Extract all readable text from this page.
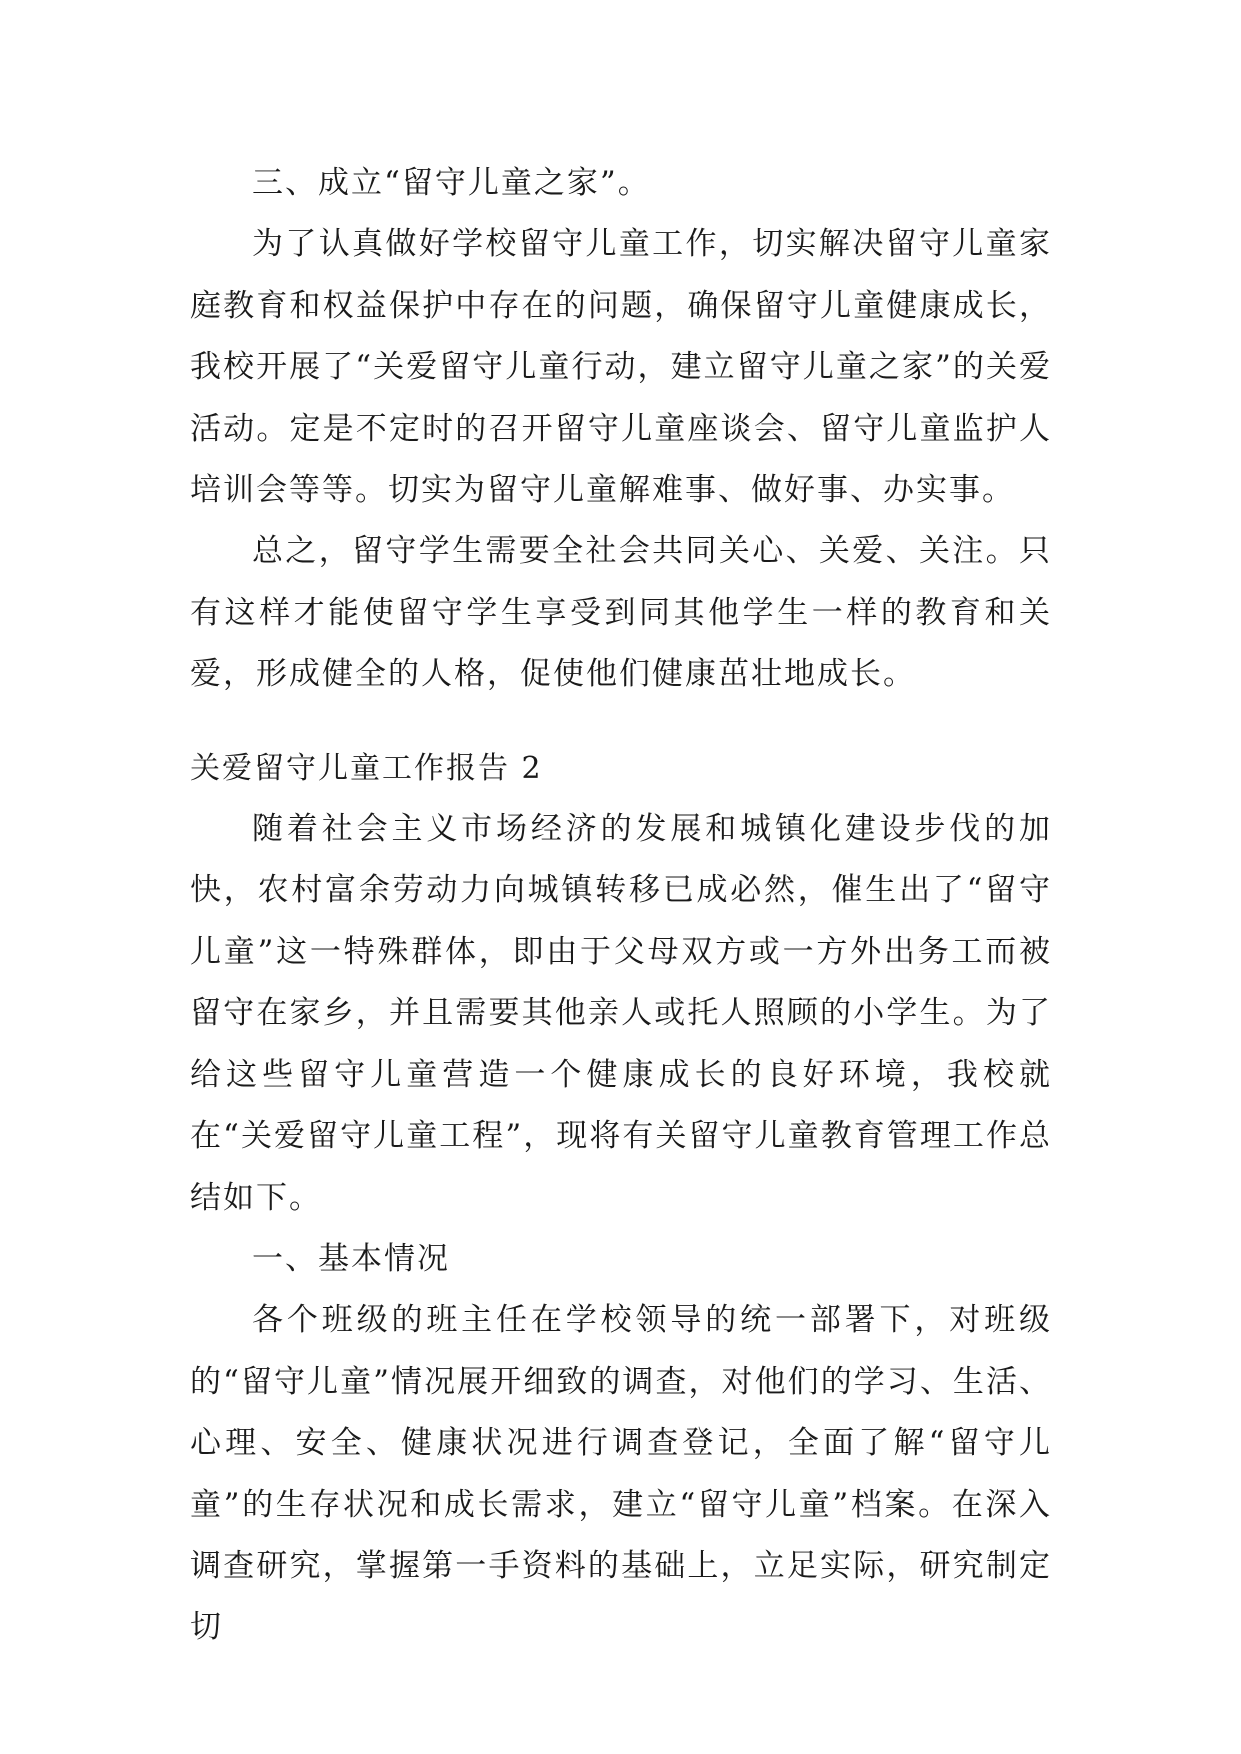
三、成立“留守儿童之家”。

为了认真做好学校留守儿童工作，切实解决留守儿童家庭教育和权益保护中存在的问题，确保留守儿童健康成长，我校开展了“关爱留守儿童行动，建立留守儿童之家”的关爱活动。定是不定时的召开留守儿童座谈会、留守儿童监护人培训会等等。切实为留守儿童解难事、做好事、办实事。

总之，留守学生需要全社会共同关心、关爱、关注。只有这样才能使留守学生享受到同其他学生一样的教育和关爱，形成健全的人格，促使他们健康茁壮地成长。

关爱留守儿童工作报告 2

随着社会主义市场经济的发展和城镇化建设步伐的加快，农村富余劳动力向城镇转移已成必然，催生出了“留守儿童”这一特殊群体，即由于父母双方或一方外出务工而被留守在家乡，并且需要其他亲人或托人照顾的小学生。为了给这些留守儿童营造一个健康成长的良好环境，我校就在“关爱留守儿童工程”，现将有关留守儿童教育管理工作总结如下。

一、基本情况

各个班级的班主任在学校领导的统一部署下，对班级的“留守儿童”情况展开细致的调查，对他们的学习、生活、心理、安全、健康状况进行调查登记，全面了解“留守儿童”的生存状况和成长需求，建立“留守儿童”档案。在深入调查研究，掌握第一手资料的基础上，立足实际，研究制定切
